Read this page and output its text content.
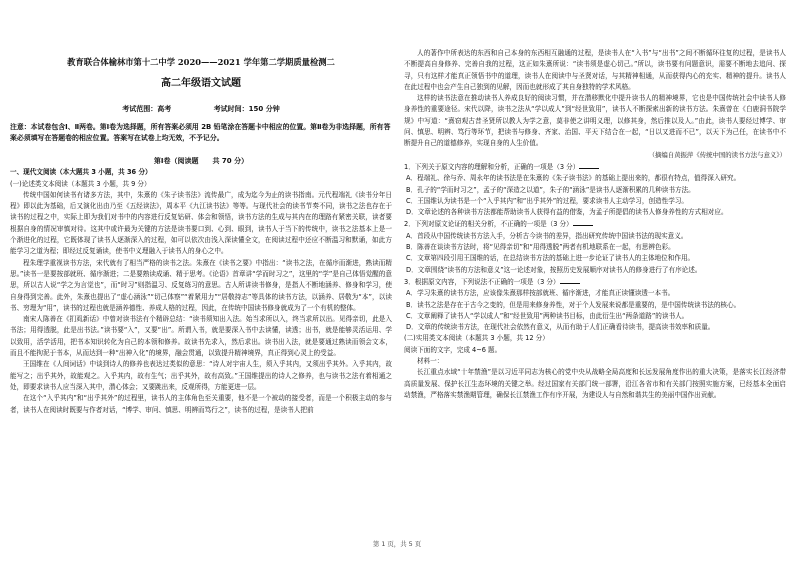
教育联合体榆林市第十二中学 2020——2021 学年第二学期质量检测二
高二年级语文试题
考试范围：高考	考试时间：150 分钟
注意：本试卷包含Ⅰ、Ⅱ两卷。第Ⅰ卷为选择题，所有答案必须用 2B 铅笔涂在答题卡中相应的位置。第Ⅱ卷为非选择题，所有答案必须填写在答题卷的相应位置。答案写在试卷上均无效，不予记分。

第Ⅰ卷（阅读题　　共 70 分）

一、现代文阅读（本大题共 3 小题，共 36 分）

(一)论述类文本阅读（本题共 3 小题，共 9 分）

传统中国如何读书有诸多方法，其中，朱熹的《朱子读书法》流传最广，成为迄今为止的读书指南。元代程端礼《读书分年日程》即以此为基础，后又演化出由乃至《五经读法》，周本平《九江读书法》等等。与现代社会的读书节奏不同，读书之法也存在于读书的过程之中，实际上即为我们对书中的内容进行反复钻研、体会和领悟，读书方法的生成与其内在的理路有紧密关联，读者要根据自身的情况审慎对待。这其中或许最为关键的方法是读书要口到、心到、眼到，读书人于当下的传统中，读书之法基本上是一个渐进化的过程，它既体现了读书人逐渐深入的过程，如可以依次由浅入深读懂全文，在阅读过程中还应不断温习和默诵，如此方能学习之道为程；即经过反复诵读，使书中义理融入于读书人的身心之中。

程朱理学重视读书方法，宋代就有了相当严格的读书之法。朱熹在《读书之要》中指出：“读书之法，在循序而渐进，熟读而精思。”读书一是要按部就班、循序渐进；二是要熟读成诵、精于思考。《论语》首章讲“学而时习之”，这里的“学”是自己体悟觉醒的意思，所以古人说“学之为言觉也”，而“时习”则指温习、反复练习的意思。古人所讲读书修身，是指人不断地涵养、修身和学习，使自身得到完善。此外，朱熹也提出了“虚心涵泳”“切己体察”“着紧用力”“居敬持志”等具体的读书方法，以涵养、居敬为“本”，以读书、穷理为“用”，读书的过程也就是涵养德性、养成人格的过程，因此，在传统中国读书修身就成为了一个有机的整体。

南宋人陈善在《扪虱新话》中曾对读书法有个精辟总结：“读书须知出入法。始当求所以入，终当求所以出。见得亲切，此是入书法；用得透脱，此是出书法。”读书要“入”，又要“出”。所谓入书，就是要深入书中去读懂，读透；出书，就是能够灵活运用、学以致用，活学活用，把书本知识转化为自己的本领和修养。故读书先求入，然后求出。读书出入法，就是要通过熟读而领会文本，而且不能拘泥于书本，从而达到一种“出神入化”的境界，融会贯通，以致提升精神境界，真正得到心灵上的受益。

王国维在《人间词话》中谈到诗人的修养也表达过类似的意思：“诗人对宇宙人生，须入乎其内，又须出乎其外。入乎其内，故能写之；出乎其外，故能观之。入乎其内，故有生气；出乎其外，故有高致。”王国维提出的诗人之修养，也与读书之法有着相通之处，即要求读书人应当深入其中，潜心体会；又要跳出来，反观所得，方能更进一层。

在这个“入乎其内”和“出乎其外”的过程里，读书人的主体角色至关重要，他不是一个被动的接受者，而是一个积极主动的参与者，读书人在阅读时既要与作者对话，“博学、审问、慎思、明辨而笃行之”，读书的过程，是读书人把前

人的著作中所表达的东西和自己本身的东西相互融通的过程，是读书人在“入书”与“出书”之间不断循环往复的过程，是读书人不断提高自身修养、完善自我的过程，这正如朱熹所说：“读书须是虚心切己。”所以，读书要有问题意识，需要不断地去追问、探寻，只有这样才能真正领悟书中的道理，读书人在阅读中与圣贤对话，与其精神相通，从而获得内心的充实、精神的提升。读书人在此过程中也会产生自己独到的见解，因而也就形成了其自身独特的学术风格。

这样的读书法意在推动读书人养成良好的阅读习惯，并在潜移默化中提升读书人的精神境界，它也是中国传统社会中读书人修身养性的重要途径。宋代以降，读书之法从“学以成人”到“经世致用”，读书人不断探索出新的读书方法。朱熹曾在《白鹿洞书院学规》中写道：“熹窃观古昔圣贤所以教人为学之意，莫非使之讲明义理，以修其身，然后推以及人。”由此，读书人要经过博学、审问、慎思、明辨、笃行等环节，把读书与修身、齐家、治国、平天下结合在一起，“日以又进而不已”，以天下为己任，在读书中不断提升自己的道德修养，实现自身的人生价值。

（摘编自黄振萍《传统中国的读书方法与意义》）

1．下列关于原文内容的理解和分析，正确的一项是（3 分）

A．程端礼、徐与乔、周永年的读书法是在朱熹的《朱子读书法》的基础上提出来的，都很有特点，值得深入研究。

B．孔子的“学而时习之”，孟子的“深造之以道”，朱子的“涵泳”是读书人逐渐积累的几种读书方法。

C．王国维认为读书是一个“入乎其内”和“出乎其外”的过程，要求读书人主动学习，创造性学习。

D．文章论述的各种读书方法都能帮助读书人获得有益的借鉴，为孟子所提倡的读书人修身养性的方式相对应。

2．下列对原文论证的相关分析，不正确的一项是（3 分）

A．首段从中国传统读书方法入手，分析古今读书的差异，指出研究传统中国读书法的现实意义。

B．陈善在谈读书方法时，将“见得亲切”和“用得透脱”两者有机地联系在一起，有思辨色彩。

C．文章第四段引用王国维的话，在总结读书方法的基础上进一步论证了读书人的主体地位和作用。

D．文章围绕“读书的方法和意义”这一论述对象，按照历史发展顺序对读书人的修身进行了有序论述。

3．根据原文内容，下列说法不正确的一项是（3 分）

A．学习朱熹的读书方法，应该像朱熹那样按部就班、循序渐进，才能真正读懂读透一本书。

B．读书之法是存在于古今之变的，但是用来修身养性，对于个人发展来说都是重要的，是中国传统读书法的核心。

C．文章阐释了读书人“学以成人”和“经世致用”两种读书目标，由此衍生出“两条道路”的读书人。

D．文章的传统读书方法，在现代社会依然有意义，从而有助于人们正确看待读书，提高读书效率和质量。

(二)实用类文本阅读（本题共 3 小题，共 12 分）

阅读下面的文字，完成 4~6 题。

材料一：

长江重点水域“十年禁渔”是以习近平同志为核心的党中央从战略全局高度和长远发展角度作出的重大决策，是落实长江经济带高质量发展、保护长江生态环境的关键之举。经过国家有关部门统一部署，沿江各省市和有关部门按照实施方案，已经基本全面启动禁渔，严格落实禁渔期管理，确保长江禁渔工作有序开展，为建设人与自然和谐共生的美丽中国作出贡献。

第 1 页，共 5 页
